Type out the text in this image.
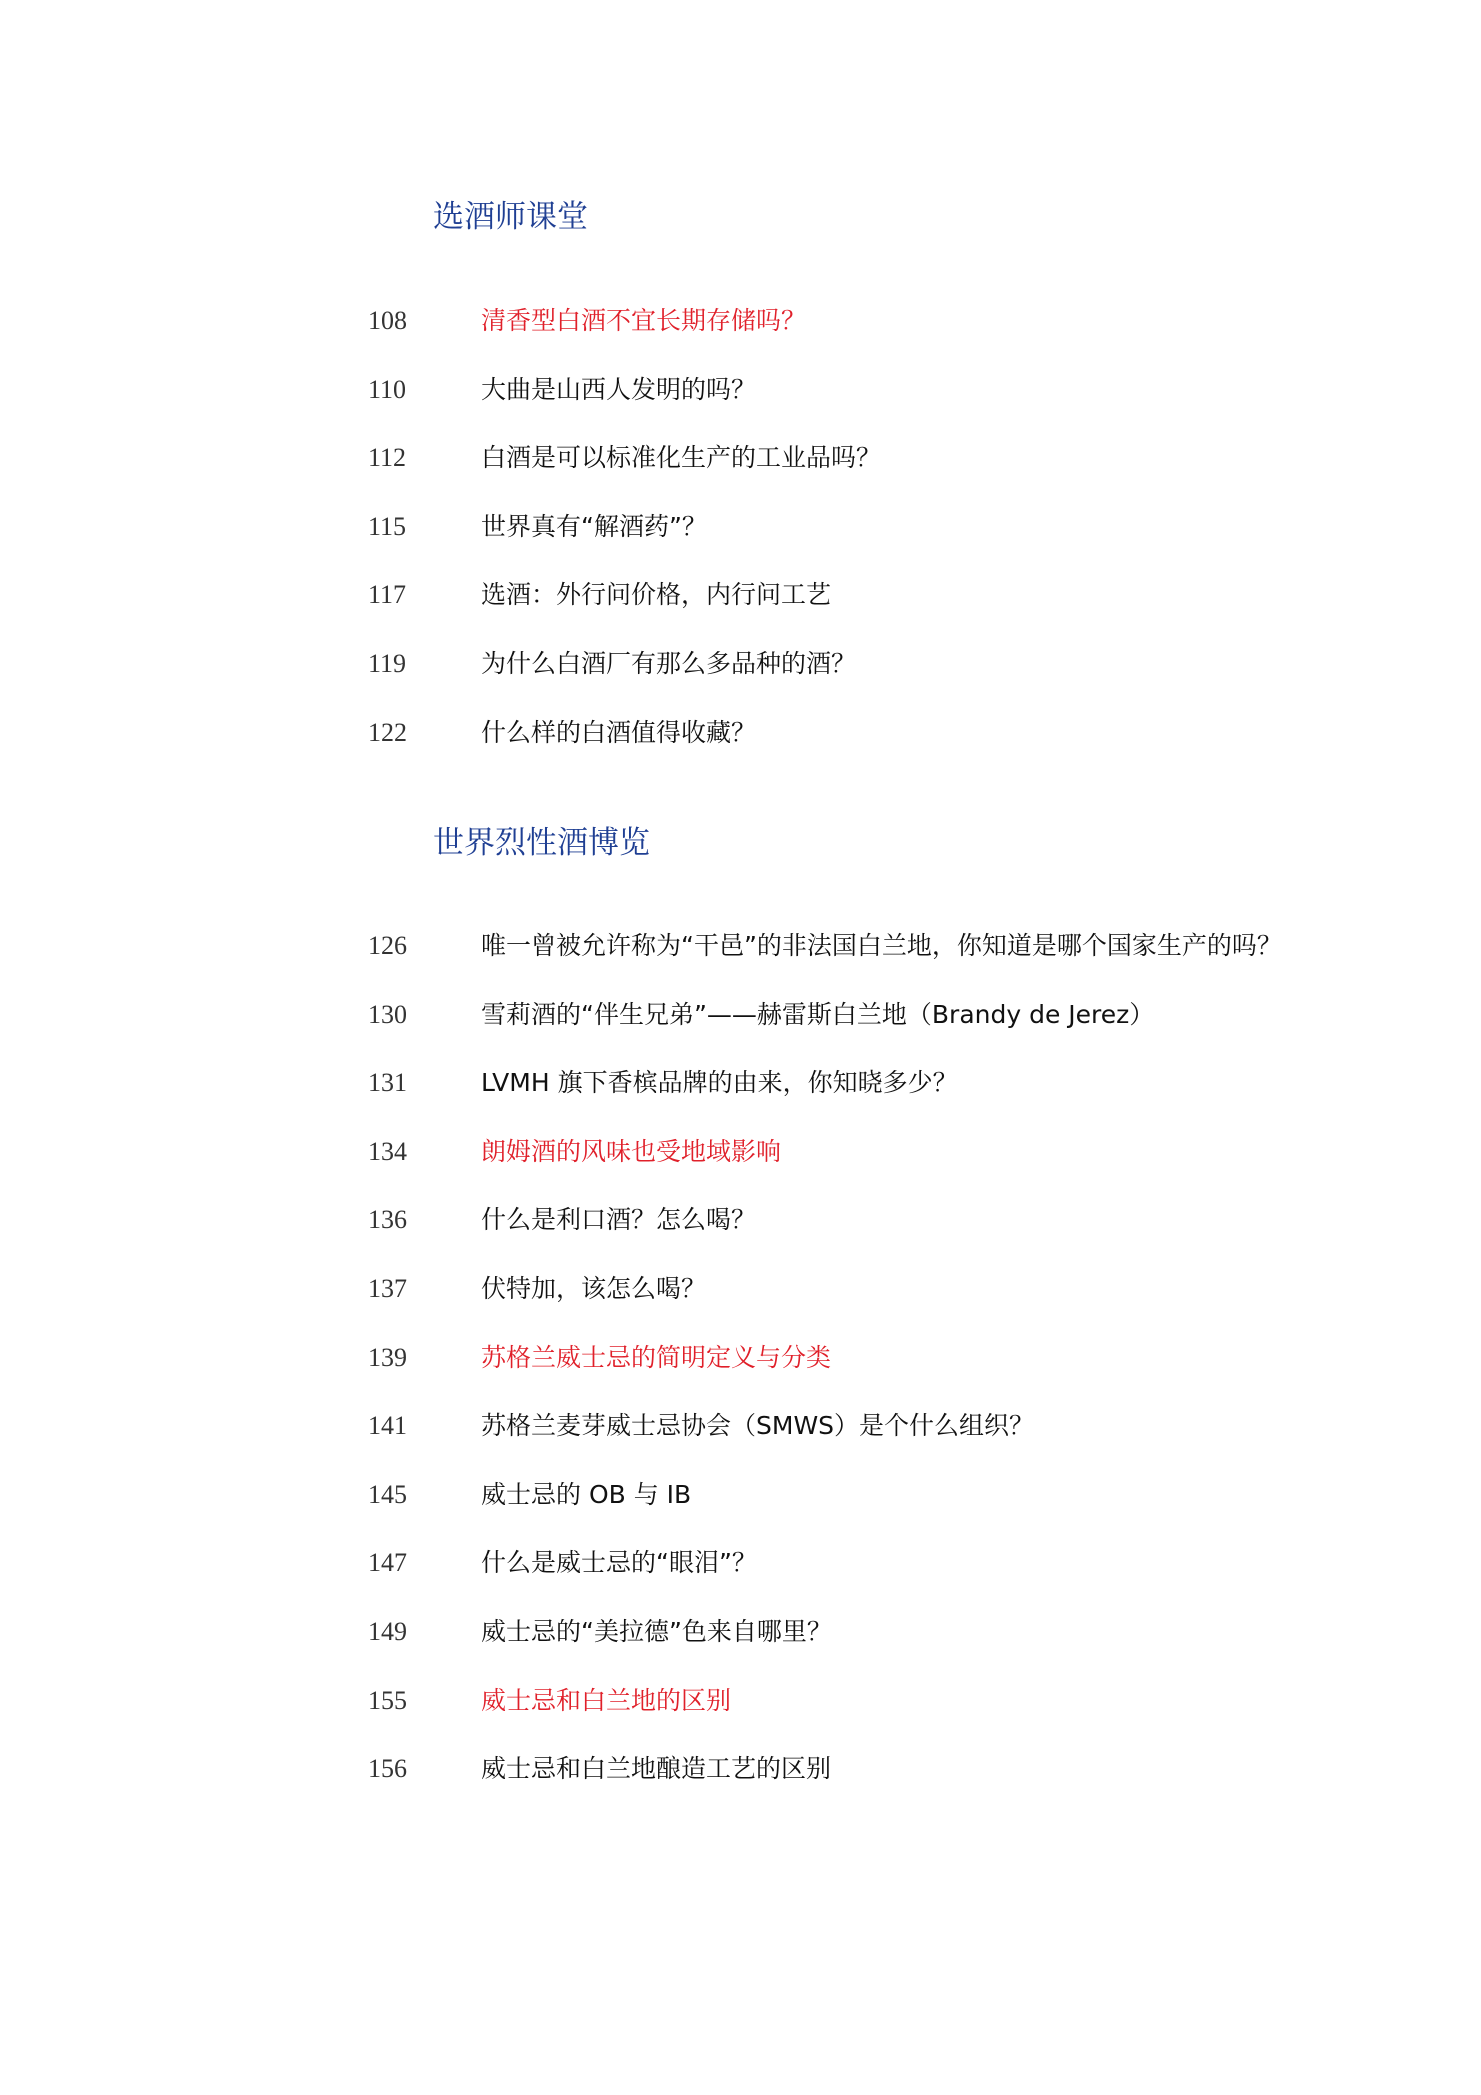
选酒师课堂
108	清香型白酒不宜长期存储吗？
110	大曲是山西人发明的吗？
112	白酒是可以标准化生产的工业品吗？
115	世界真有“解酒药”？
117	选酒：外行问价格，内行问工艺
119	为什么白酒厂有那么多品种的酒？
122	什么样的白酒值得收藏？
世界烈性酒博览
126	唯一曾被允许称为“干邑”的非法国白兰地，你知道是哪个国家生产的吗？
130	雪莉酒的“伴生兄弟”——赫雷斯白兰地（Brandy de Jerez）
131	LVMH 旗下香槟品牌的由来，你知晓多少？
134	朗姆酒的风味也受地域影响
136	什么是利口酒？怎么喝？
137	伏特加，该怎么喝？
139	苏格兰威士忌的简明定义与分类
141	苏格兰麦芽威士忌协会（SMWS）是个什么组织？
145	威士忌的 OB 与 IB
147	什么是威士忌的“眼泪”？
149	威士忌的“美拉德”色来自哪里？
155	威士忌和白兰地的区别
156	威士忌和白兰地酿造工艺的区别
